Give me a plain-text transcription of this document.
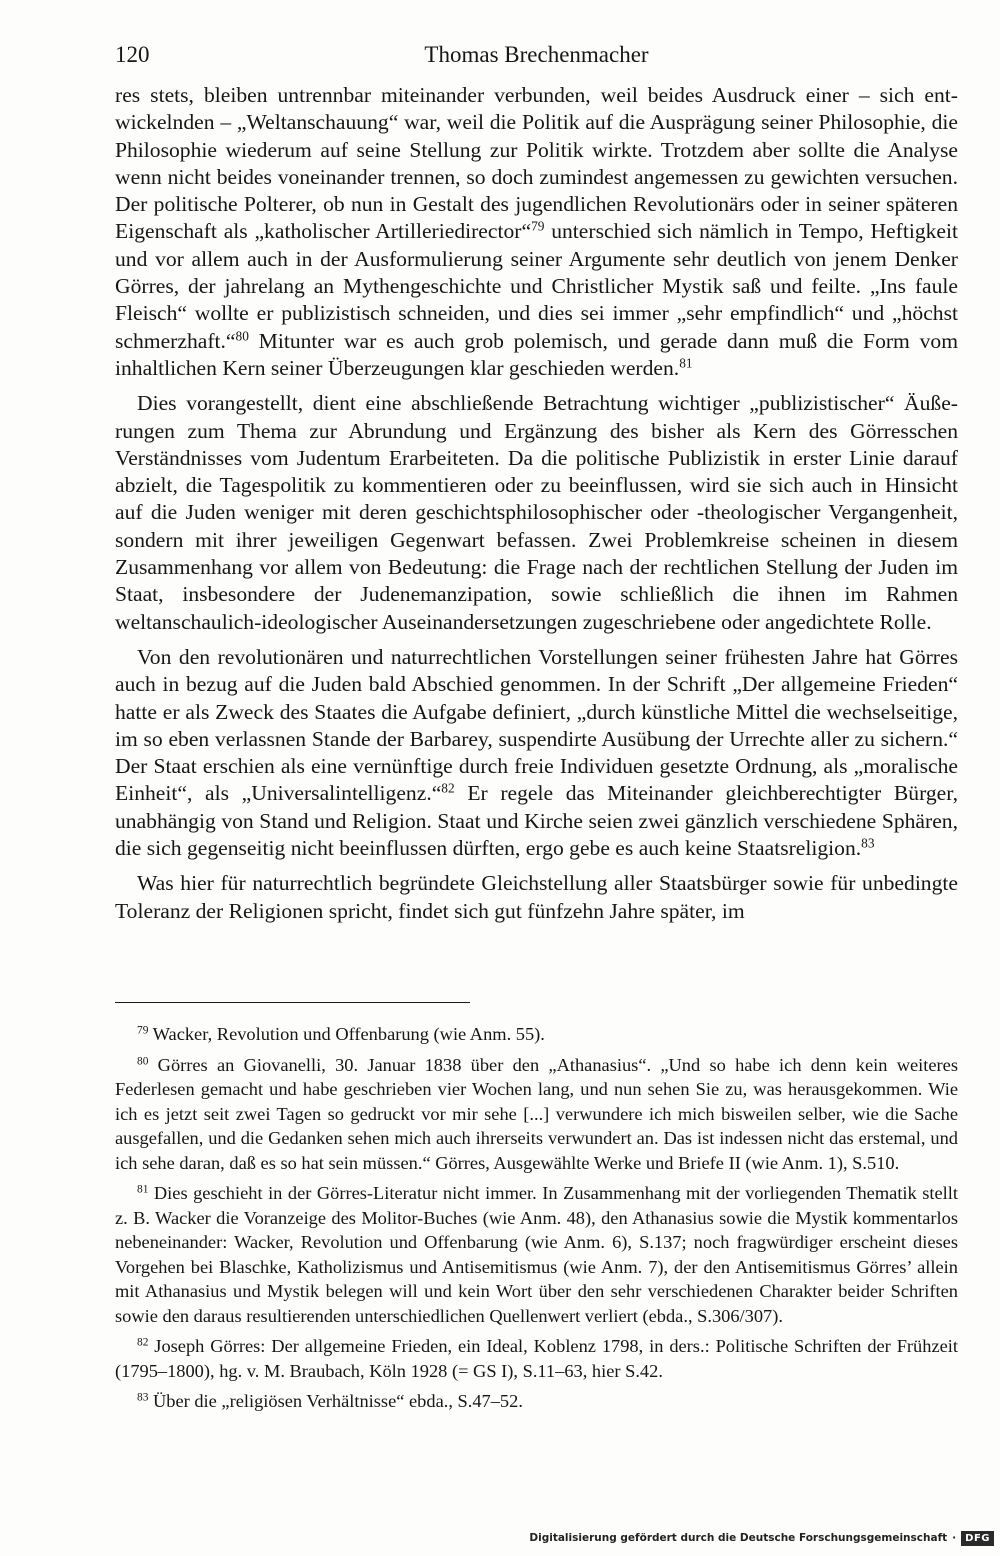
120	Thomas Brechenmacher

res stets, bleiben untrennbar miteinander verbunden, weil beides Ausdruck einer – sich entwickelnden – „Weltanschauung“ war, weil die Politik auf die Ausprägung seiner Philosophie, die Philosophie wiederum auf seine Stellung zur Politik wirkte. Trotzdem aber sollte die Analyse wenn nicht beides voneinander trennen, so doch zumindest angemessen zu gewichten versuchen. Der politische Polterer, ob nun in Gestalt des jugendlichen Revolutionärs oder in seiner späteren Eigenschaft als „katholischer Artilleriedirector“$^{79}$ unterschied sich nämlich in Tempo, Heftigkeit und vor allem auch in der Ausformulierung seiner Argumente sehr deutlich von jenem Denker Görres, der jahrelang an Mythengeschichte und Christlicher Mystik saß und feilte. „Ins faule Fleisch“ wollte er publizistisch schneiden, und dies sei immer „sehr empfindlich“ und „höchst schmerzhaft.“$^{80}$ Mitunter war es auch grob polemisch, und gerade dann muß die Form vom inhaltlichen Kern seiner Überzeugungen klar geschieden werden.$^{81}$

Dies vorangestellt, dient eine abschließende Betrachtung wichtiger „publizistischer“ Äußerungen zum Thema zur Abrundung und Ergänzung des bisher als Kern des Görresschen Verständnisses vom Judentum Erarbeiteten. Da die politische Publizistik in erster Linie darauf abzielt, die Tagespolitik zu kommentieren oder zu beeinflussen, wird sie sich auch in Hinsicht auf die Juden weniger mit deren geschichtsphilosophischer oder -theologischer Vergangenheit, sondern mit ihrer jeweiligen Gegenwart befassen. Zwei Problemkreise scheinen in diesem Zusammenhang vor allem von Bedeutung: die Frage nach der rechtlichen Stellung der Juden im Staat, insbesondere der Judenemanzipation, sowie schließlich die ihnen im Rahmen weltanschaulich-ideologischer Auseinandersetzungen zugeschriebene oder angedichtete Rolle.

Von den revolutionären und naturrechtlichen Vorstellungen seiner frühesten Jahre hat Görres auch in bezug auf die Juden bald Abschied genommen. In der Schrift „Der allgemeine Frieden“ hatte er als Zweck des Staates die Aufgabe definiert, „durch künstliche Mittel die wechselseitige, im so eben verlassnen Stande der Barbarey, suspendirte Ausübung der Urrechte aller zu sichern.“ Der Staat erschien als eine vernünftige durch freie Individuen gesetzte Ordnung, als „moralische Einheit“, als „Universalintelligenz.“$^{82}$ Er regele das Miteinander gleichberechtigter Bürger, unabhängig von Stand und Religion. Staat und Kirche seien zwei gänzlich verschiedene Sphären, die sich gegenseitig nicht beeinflussen dürften, ergo gebe es auch keine Staatsreligion.$^{83}$

Was hier für naturrechtlich begründete Gleichstellung aller Staatsbürger sowie für unbedingte Toleranz der Religionen spricht, findet sich gut fünfzehn Jahre später, im

$^{79}$ Wacker, Revolution und Offenbarung (wie Anm. 55).

$^{80}$ Görres an Giovanelli, 30. Januar 1838 über den „Athanasius“. „Und so habe ich denn kein weiteres Federlesen gemacht und habe geschrieben vier Wochen lang, und nun sehen Sie zu, was herausgekommen. Wie ich es jetzt seit zwei Tagen so gedruckt vor mir sehe [...] verwundere ich mich bisweilen selber, wie die Sache ausgefallen, und die Gedanken sehen mich auch ihrerseits verwundert an. Das ist indessen nicht das erstemal, und ich sehe daran, daß es so hat sein müssen.“ Görres, Ausgewählte Werke und Briefe II (wie Anm. 1), S.510.

$^{81}$ Dies geschieht in der Görres-Literatur nicht immer. In Zusammenhang mit der vorliegenden Thematik stellt z. B. Wacker die Voranzeige des Molitor-Buches (wie Anm. 48), den Athanasius sowie die Mystik kommentarlos nebeneinander: Wacker, Revolution und Offenbarung (wie Anm. 6), S.137; noch fragwürdiger erscheint dieses Vorgehen bei Blaschke, Katholizismus und Antisemitismus (wie Anm. 7), der den Antisemitismus Görres’ allein mit Athanasius und Mystik belegen will und kein Wort über den sehr verschiedenen Charakter beider Schriften sowie den daraus resultierenden unterschiedlichen Quellenwert verliert (ebda., S.306/307).

$^{82}$ Joseph Görres: Der allgemeine Frieden, ein Ideal, Koblenz 1798, in ders.: Politische Schriften der Frühzeit (1795–1800), hg. v. M. Braubach, Köln 1928 (= GS I), S.11–63, hier S.42.

$^{83}$ Über die „religiösen Verhältnisse“ ebda., S.47–52.

Digitalisierung gefördert durch die Deutsche Forschungsgemeinschaft · DFG
